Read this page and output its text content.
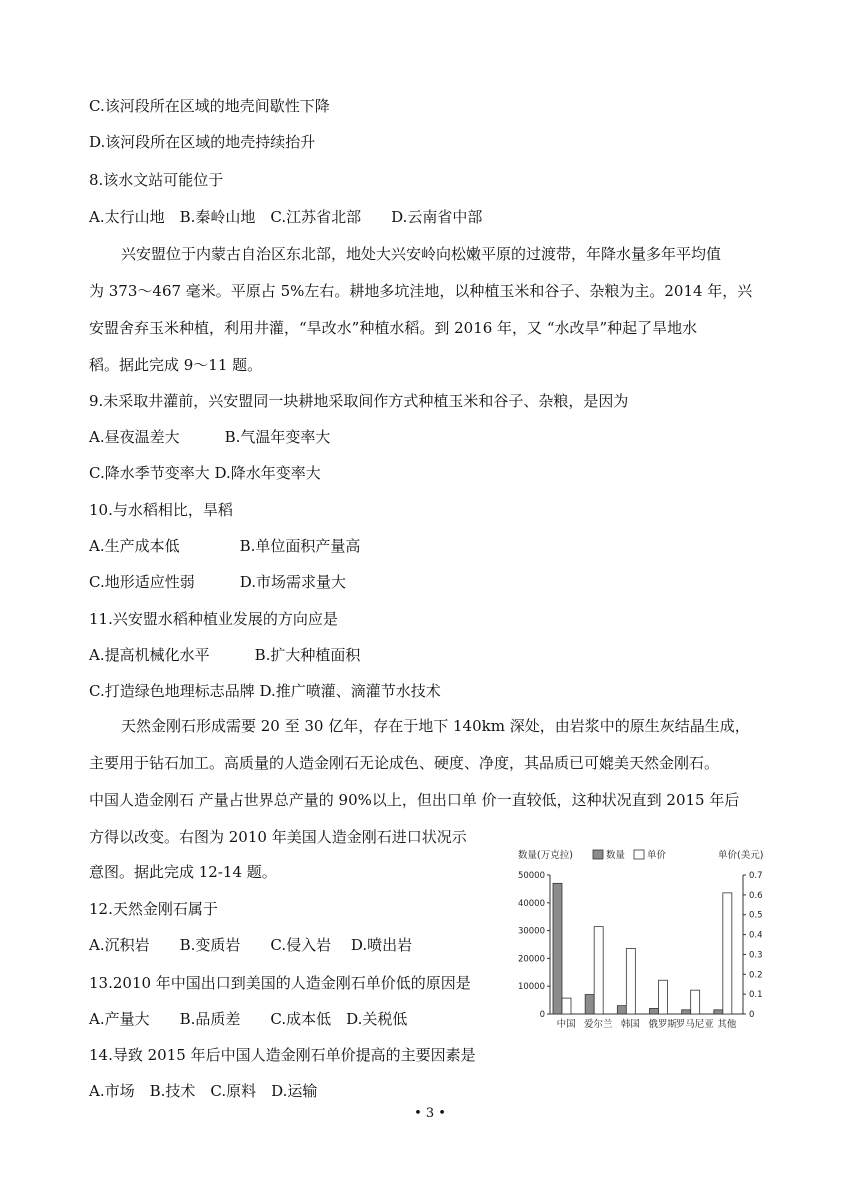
C.该河段所在区域的地壳间歇性下降
D.该河段所在区域的地壳持续抬升
8.该水文站可能位于
A.太行山地　B.秦岭山地　C.江苏省北部　　D.云南省中部
兴安盟位于内蒙古自治区东北部，地处大兴安岭向松嫩平原的过渡带，年降水量多年平均值
为 373～467 毫米。平原占 5%左右。耕地多坑洼地，以种植玉米和谷子、杂粮为主。2014 年，兴
安盟舍弃玉米种植，利用井灌，“旱改水”种植水稻。到 2016 年，又 “水改旱”种起了旱地水
稻。据此完成 9～11 题。
9.未采取井灌前，兴安盟同一块耕地采取间作方式种植玉米和谷子、杂粮，是因为
A.昼夜温差大　　　B.气温年变率大
C.降水季节变率大 D.降水年变率大
10.与水稻相比，旱稻
A.生产成本低　　　　B.单位面积产量高
C.地形适应性弱　　　D.市场需求量大
11.兴安盟水稻种植业发展的方向应是
A.提高机械化水平　　　B.扩大种植面积
C.打造绿色地理标志品牌 D.推广喷灌、滴灌节水技术
天然金刚石形成需要 20 至 30 亿年，存在于地下 140km 深处，由岩浆中的原生灰结晶生成，
主要用于钻石加工。高质量的人造金刚石无论成色、硬度、净度，其品质已可媲美天然金刚石。
中国人造金刚石 产量占世界总产量的 90%以上，但出口单 价一直较低，这种状况直到 2015 年后
方得以改变。右图为 2010 年美国人造金刚石进口状况示
意图。据此完成 12-14 题。
12.天然金刚石属于
A.沉积岩　　B.变质岩　　C.侵入岩　 D.喷出岩
13.2010 年中国出口到美国的人造金刚石单价低的原因是
A.产量大　　B.品质差　　C.成本低　D.关税低
14.导致 2015 年后中国人造金刚石单价提高的主要因素是
A.市场　B.技术　C.原料　D.运输
• 3 •
0
10000
20000
30000
40000
50000
0
0.1
0.2
0.3
0.4
0.5
0.6
0.7
数量(万克拉)	单价(美元)
数量 单价
中国 爱尔兰 韩国 俄罗斯
罗马尼亚 其他
